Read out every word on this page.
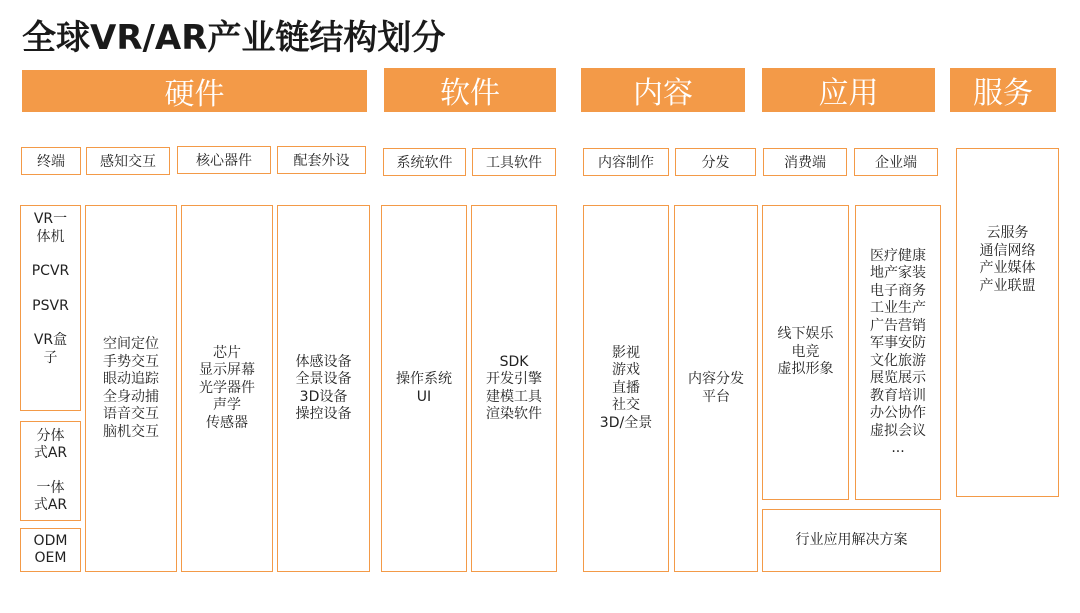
全球VR/AR产业链结构划分
硬件	软件	内容	应用	服务
终端	感知交互	核心器件	配套外设	系统软件	工具软件	内容制作	分发	消费端	企业端
VR一
体机
PCVR
PSVR
VR盒
子
分体
式AR
一体
式AR
ODM
OEM
空间定位
手势交互
眼动追踪
全身动捕
语音交互
脑机交互
芯片
显示屏幕
光学器件
声学
传感器
体感设备
全景设备
3D设备
操控设备
操作系统
UI
SDK
开发引擎
建模工具
渲染软件
影视
游戏
直播
社交
3D/全景
内容分发
平台
线下娱乐
电竞
虚拟形象
医疗健康
地产家装
电子商务
工业生产
广告营销
军事安防
文化旅游
展览展示
教育培训
办公协作
虚拟会议
...
行业应用解决方案
云服务
通信网络
产业媒体
产业联盟
